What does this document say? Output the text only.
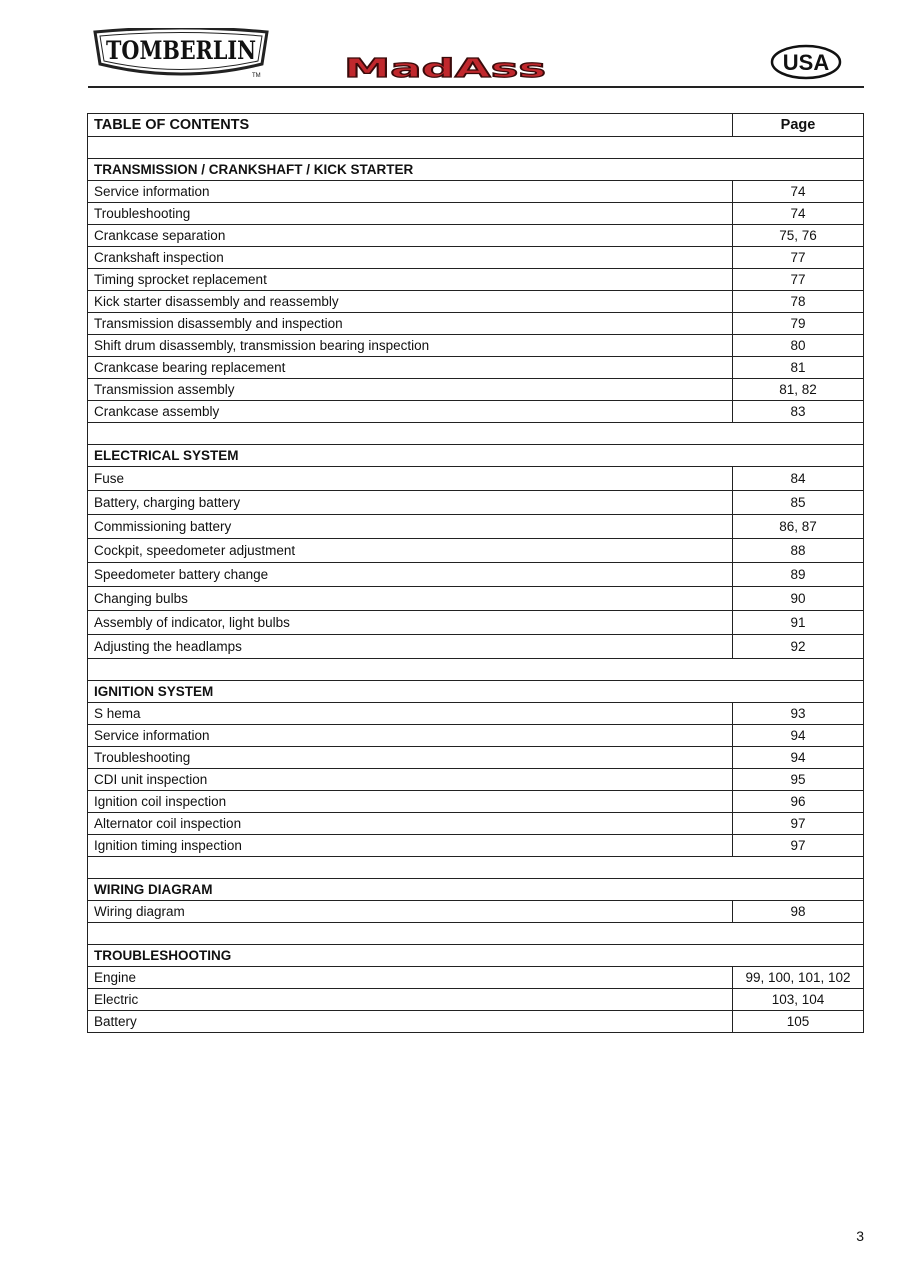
TOMBERLIN
TM	MadAss	USA
TABLE OF CONTENTS	Page

TRANSMISSION / CRANKSHAFT / KICK STARTER	
Service information	74
Troubleshooting	74
Crankcase separation	75, 76
Crankshaft inspection	77
Timing sprocket replacement	77
Kick starter disassembly and reassembly	78
Transmission disassembly and inspection	79
Shift drum disassembly, transmission bearing inspection	80
Crankcase bearing replacement	81
Transmission assembly	81, 82
Crankcase assembly	83

ELECTRICAL SYSTEM	
Fuse	84
Battery, charging battery	85
Commissioning battery	86, 87
Cockpit, speedometer adjustment	88
Speedometer battery change	89
Changing bulbs	90
Assembly of indicator, light bulbs	91
Adjusting the headlamps	92

IGNITION SYSTEM	
S hema	93
Service information	94
Troubleshooting	94
CDI unit inspection	95
Ignition coil inspection	96
Alternator coil inspection	97
Ignition timing inspection	97

WIRING DIAGRAM	
Wiring diagram	98

TROUBLESHOOTING	
Engine	99, 100, 101, 102
Electric	103, 104
Battery	105
3
